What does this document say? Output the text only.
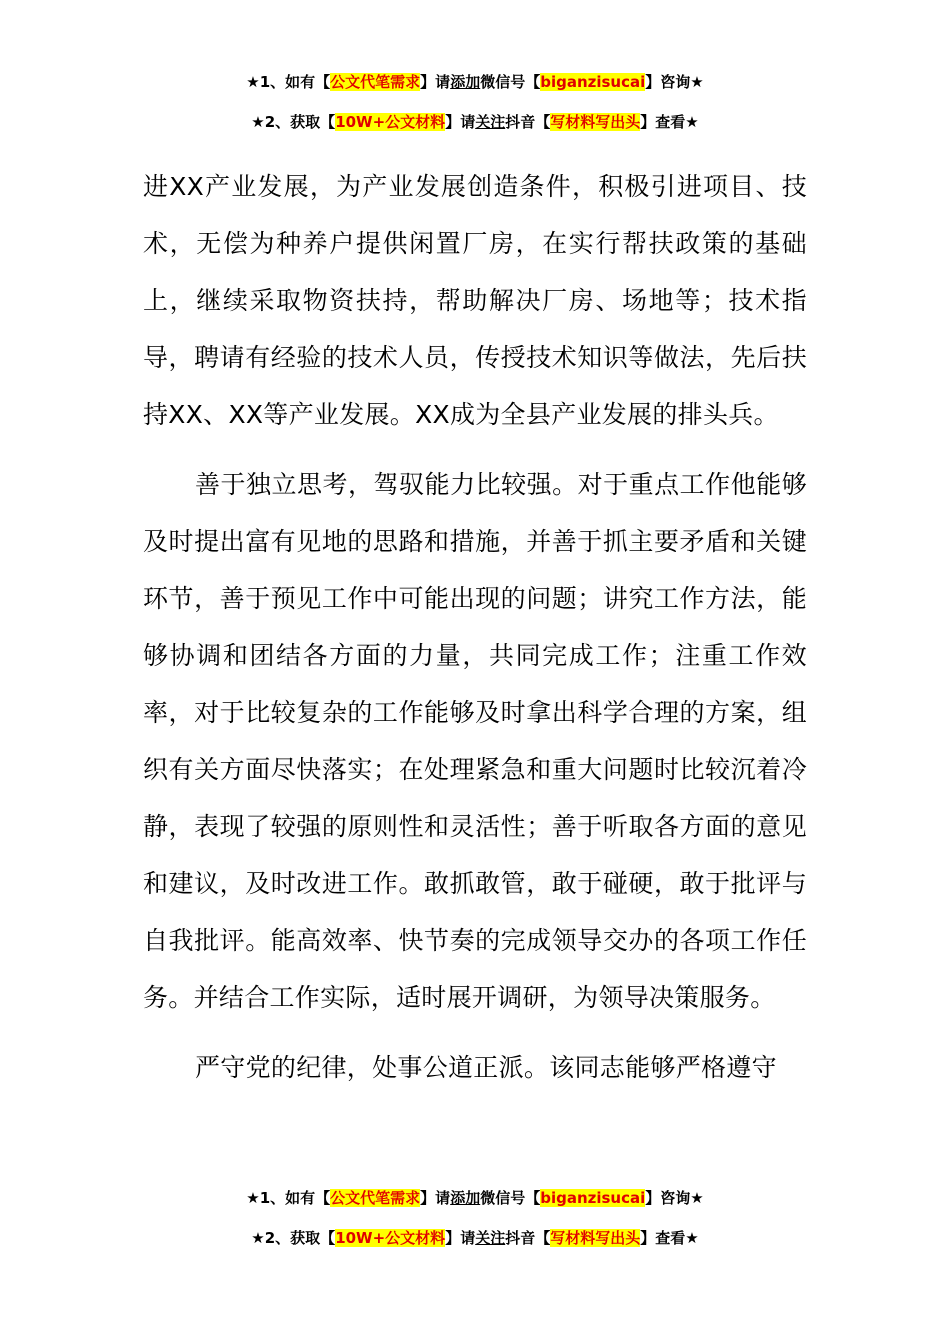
★1、如有【公文代笔需求】请添加微信号【biganzisucai】咨询★
★2、获取【10W+公文材料】请关注抖音【写材料写出头】查看★

进XX产业发展，为产业发展创造条件，积极引进项目、技术，无偿为种养户提供闲置厂房，在实行帮扶政策的基础上，继续采取物资扶持，帮助解决厂房、场地等；技术指导，聘请有经验的技术人员，传授技术知识等做法，先后扶持XX、XX等产业发展。XX成为全县产业发展的排头兵。

善于独立思考，驾驭能力比较强。对于重点工作他能够及时提出富有见地的思路和措施，并善于抓主要矛盾和关键环节，善于预见工作中可能出现的问题；讲究工作方法，能够协调和团结各方面的力量，共同完成工作；注重工作效率，对于比较复杂的工作能够及时拿出科学合理的方案，组织有关方面尽快落实；在处理紧急和重大问题时比较沉着冷静，表现了较强的原则性和灵活性；善于听取各方面的意见和建议，及时改进工作。敢抓敢管，敢于碰硬，敢于批评与自我批评。能高效率、快节奏的完成领导交办的各项工作任务。并结合工作实际，适时展开调研，为领导决策服务。

严守党的纪律，处事公道正派。该同志能够严格遵守

★1、如有【公文代笔需求】请添加微信号【biganzisucai】咨询★
★2、获取【10W+公文材料】请关注抖音【写材料写出头】查看★
